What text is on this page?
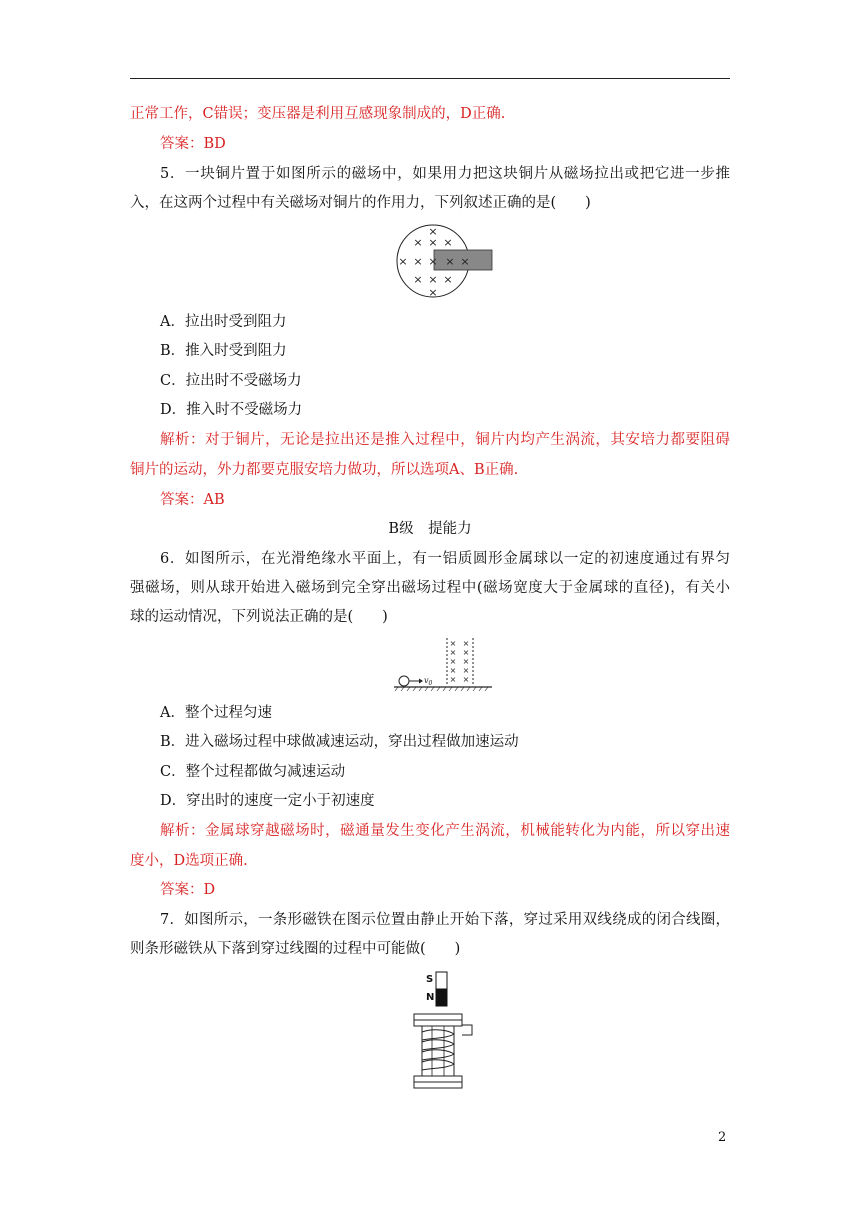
正常工作，C错误；变压器是利用互感现象制成的，D正确.
答案：BD
5．一块铜片置于如图所示的磁场中，如果用力把这块铜片从磁场拉出或把它进一步推
入，在这两个过程中有关磁场对铜片的作用力，下列叙述正确的是(　　)
×
× × ×
× × × × ×
× × ×
×
A．拉出时受到阻力
B．推入时受到阻力
C．拉出时不受磁场力
D．推入时不受磁场力
解析：对于铜片，无论是拉出还是推入过程中，铜片内均产生涡流，其安培力都要阻碍
铜片的运动，外力都要克服安培力做功，所以选项A、B正确.
答案：AB
B级　提能力
6．如图所示，在光滑绝缘水平面上，有一铝质圆形金属球以一定的初速度通过有界匀
强磁场，则从球开始进入磁场到完全穿出磁场过程中(磁场宽度大于金属球的直径)，有关小
球的运动情况，下列说法正确的是(　　)
× ×
× ×
× ×
× ×
× ×
$v_0$
A．整个过程匀速
B．进入磁场过程中球做减速运动，穿出过程做加速运动
C．整个过程都做匀减速运动
D．穿出时的速度一定小于初速度
解析：金属球穿越磁场时，磁通量发生变化产生涡流，机械能转化为内能，所以穿出速
度小，D选项正确.
答案：D
7．如图所示，一条形磁铁在图示位置由静止开始下落，穿过采用双线绕成的闭合线圈，
则条形磁铁从下落到穿过线圈的过程中可能做(　　)
S
N
2
